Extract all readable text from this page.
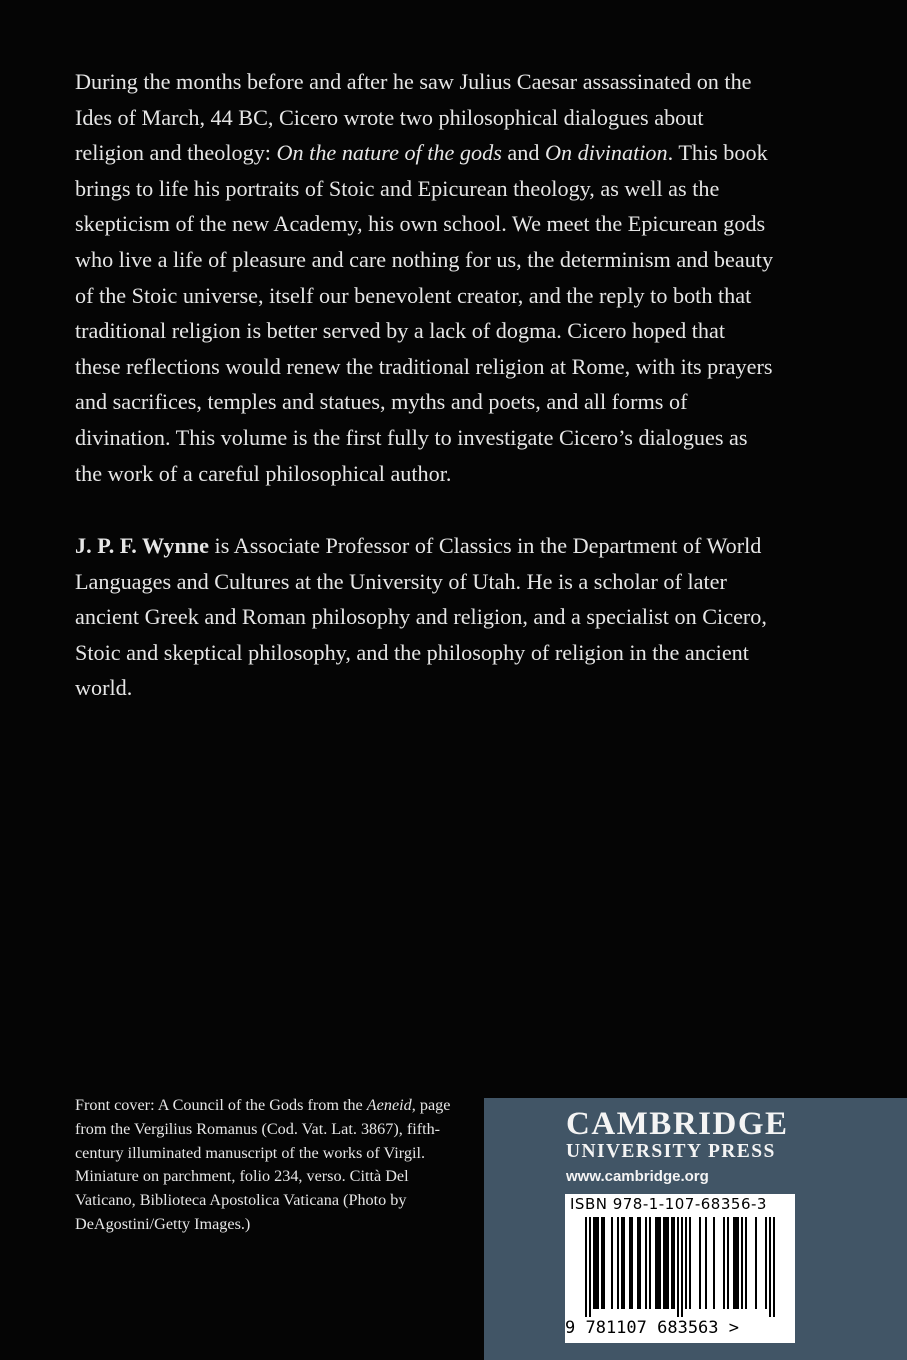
During the months before and after he saw Julius Caesar assassinated on the Ides of March, 44 BC, Cicero wrote two philosophical dialogues about religion and theology: On the nature of the gods and On divination. This book brings to life his portraits of Stoic and Epicurean theology, as well as the skepticism of the new Academy, his own school. We meet the Epicurean gods who live a life of pleasure and care nothing for us, the determinism and beauty of the Stoic universe, itself our benevolent creator, and the reply to both that traditional religion is better served by a lack of dogma. Cicero hoped that these reflections would renew the traditional religion at Rome, with its prayers and sacrifices, temples and statues, myths and poets, and all forms of divination. This volume is the first fully to investigate Cicero’s dialogues as the work of a careful philosophical author.

J. P. F. Wynne is Associate Professor of Classics in the Department of World Languages and Cultures at the University of Utah. He is a scholar of later ancient Greek and Roman philosophy and religion, and a specialist on Cicero, Stoic and skeptical philosophy, and the philosophy of religion in the ancient world.

Front cover: A Council of the Gods from the Aeneid, page from the Vergilius Romanus (Cod. Vat. Lat. 3867), fifth-century illuminated manuscript of the works of Virgil. Miniature on parchment, folio 234, verso. Città Del Vaticano, Biblioteca Apostolica Vaticana (Photo by DeAgostini/Getty Images.)

CAMBRIDGE
UNIVERSITY PRESS
www.cambridge.org
ISBN 978-1-107-68356-3
9 781107 683563 >
